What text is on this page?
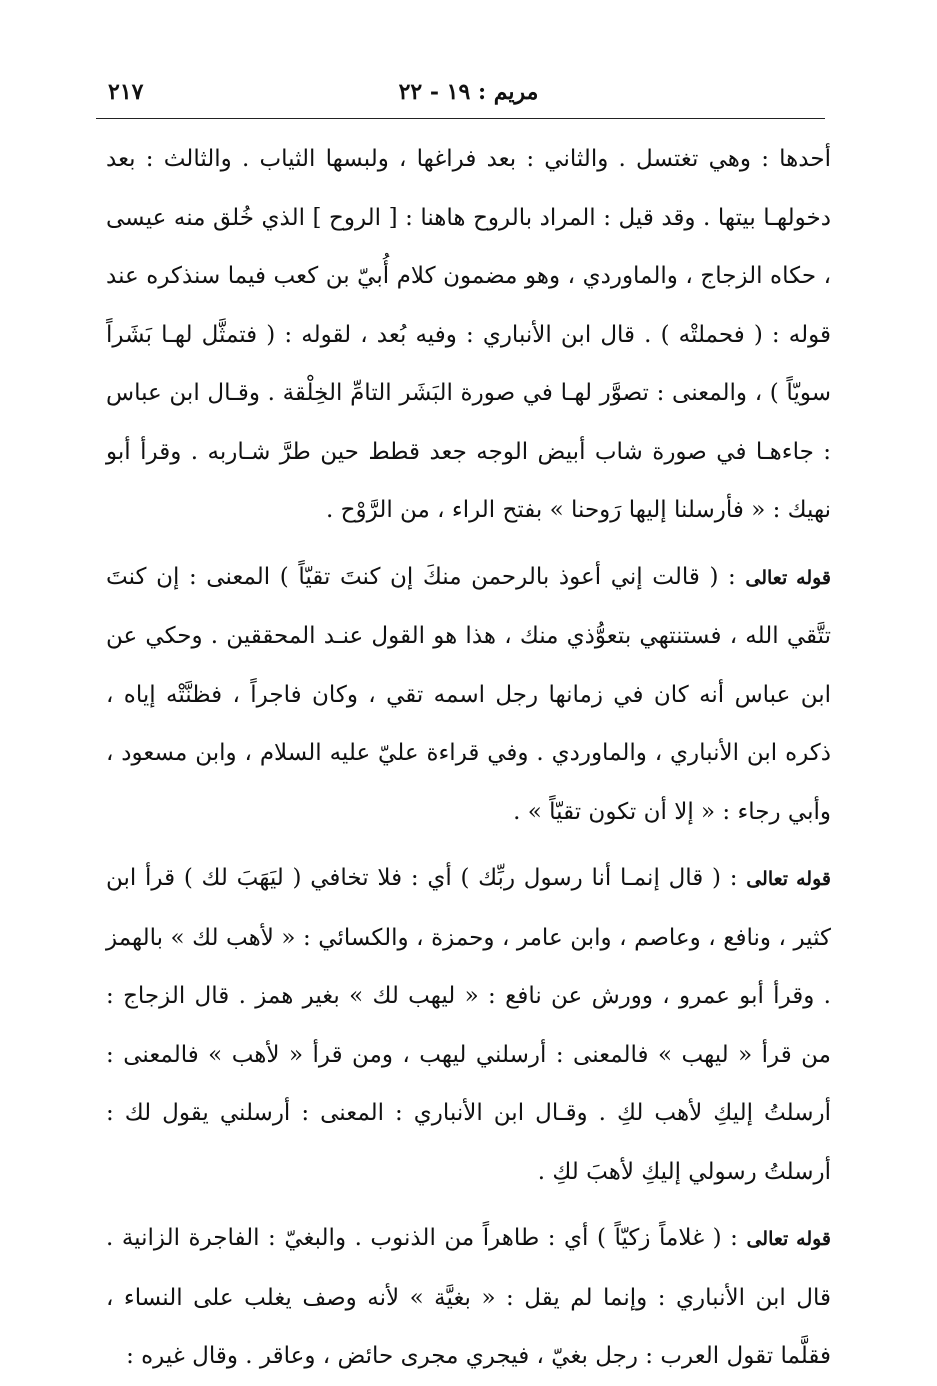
٢١٧	مريم : ١٩ - ٢٢

أحدها : وهي تغتسل . والثاني : بعد فراغها ، ولبسها الثياب . والثالث : بعد دخولهـا بيتها . وقد قيل : المراد بالروح هاهنا : [ الروح ] الذي خُلق منه عيسى ، حكاه الزجاج ، والماوردي ، وهو مضمون كلام أُبيّ بن كعب فيما سنذكره عند قوله : ( فحملتْه ) . قال ابن الأنباري : وفيه بُعد ، لقوله : ( فتمثَّل لهـا بَشَراً سويّاً ) ، والمعنى : تصوَّر لهـا في صورة البَشَر التامِّ الخِلْقة . وقـال ابن عباس : جاءهـا في صورة شاب أبيض الوجه جعد قطط حين طرَّ شـاربه . وقرأ أبو نهيك : « فأرسلنا إليها رَوحنا » بفتح الراء ، من الرَّوْح .

قوله تعالى : ( قالت إني أعوذ بالرحمن منكَ إن كنتَ تقيّاً ) المعنى : إن كنتَ تتَّقي الله ، فستنتهي بتعوُّذي منك ، هذا هو القول عنـد المحققين . وحكي عن ابن عباس أنه كان في زمانها رجل اسمه تقي ، وكان فاجراً ، فظنَّتْه إياه ، ذكره ابن الأنباري ، والماوردي . وفي قراءة عليّ عليه السلام ، وابن مسعود ، وأبي رجاء : « إلا أن تكون تقيّاً » .

قوله تعالى : ( قال إنمـا أنا رسول ربِّك ) أي : فلا تخافي ( ليَهَبَ لك ) قرأ ابن كثير ، ونافع ، وعاصم ، وابن عامر ، وحمزة ، والكسائي : « لأهب لك » بالهمز . وقرأ أبو عمرو ، وورش عن نافع : « ليهب لك » بغير همز . قال الزجاج : من قرأ « ليهب » فالمعنى : أرسلني ليهب ، ومن قرأ « لأهب » فالمعنى : أرسلتُ إليكِ لأهب لكِ . وقـال ابن الأنباري : المعنى : أرسلني يقول لك : أرسلتُ رسولي إليكِ لأهبَ لكِ .

قوله تعالى : ( غلاماً زكيّاً ) أي : طاهراً من الذنوب . والبغيّ : الفاجرة الزانية . قال ابن الأنباري : وإنما لم يقل : « بغيَّة » لأنه وصف يغلب على النساء ، فقلَّما تقول العرب : رجل بغيّ ، فيجري مجرى حائض ، وعاقر . وقال غيره :
